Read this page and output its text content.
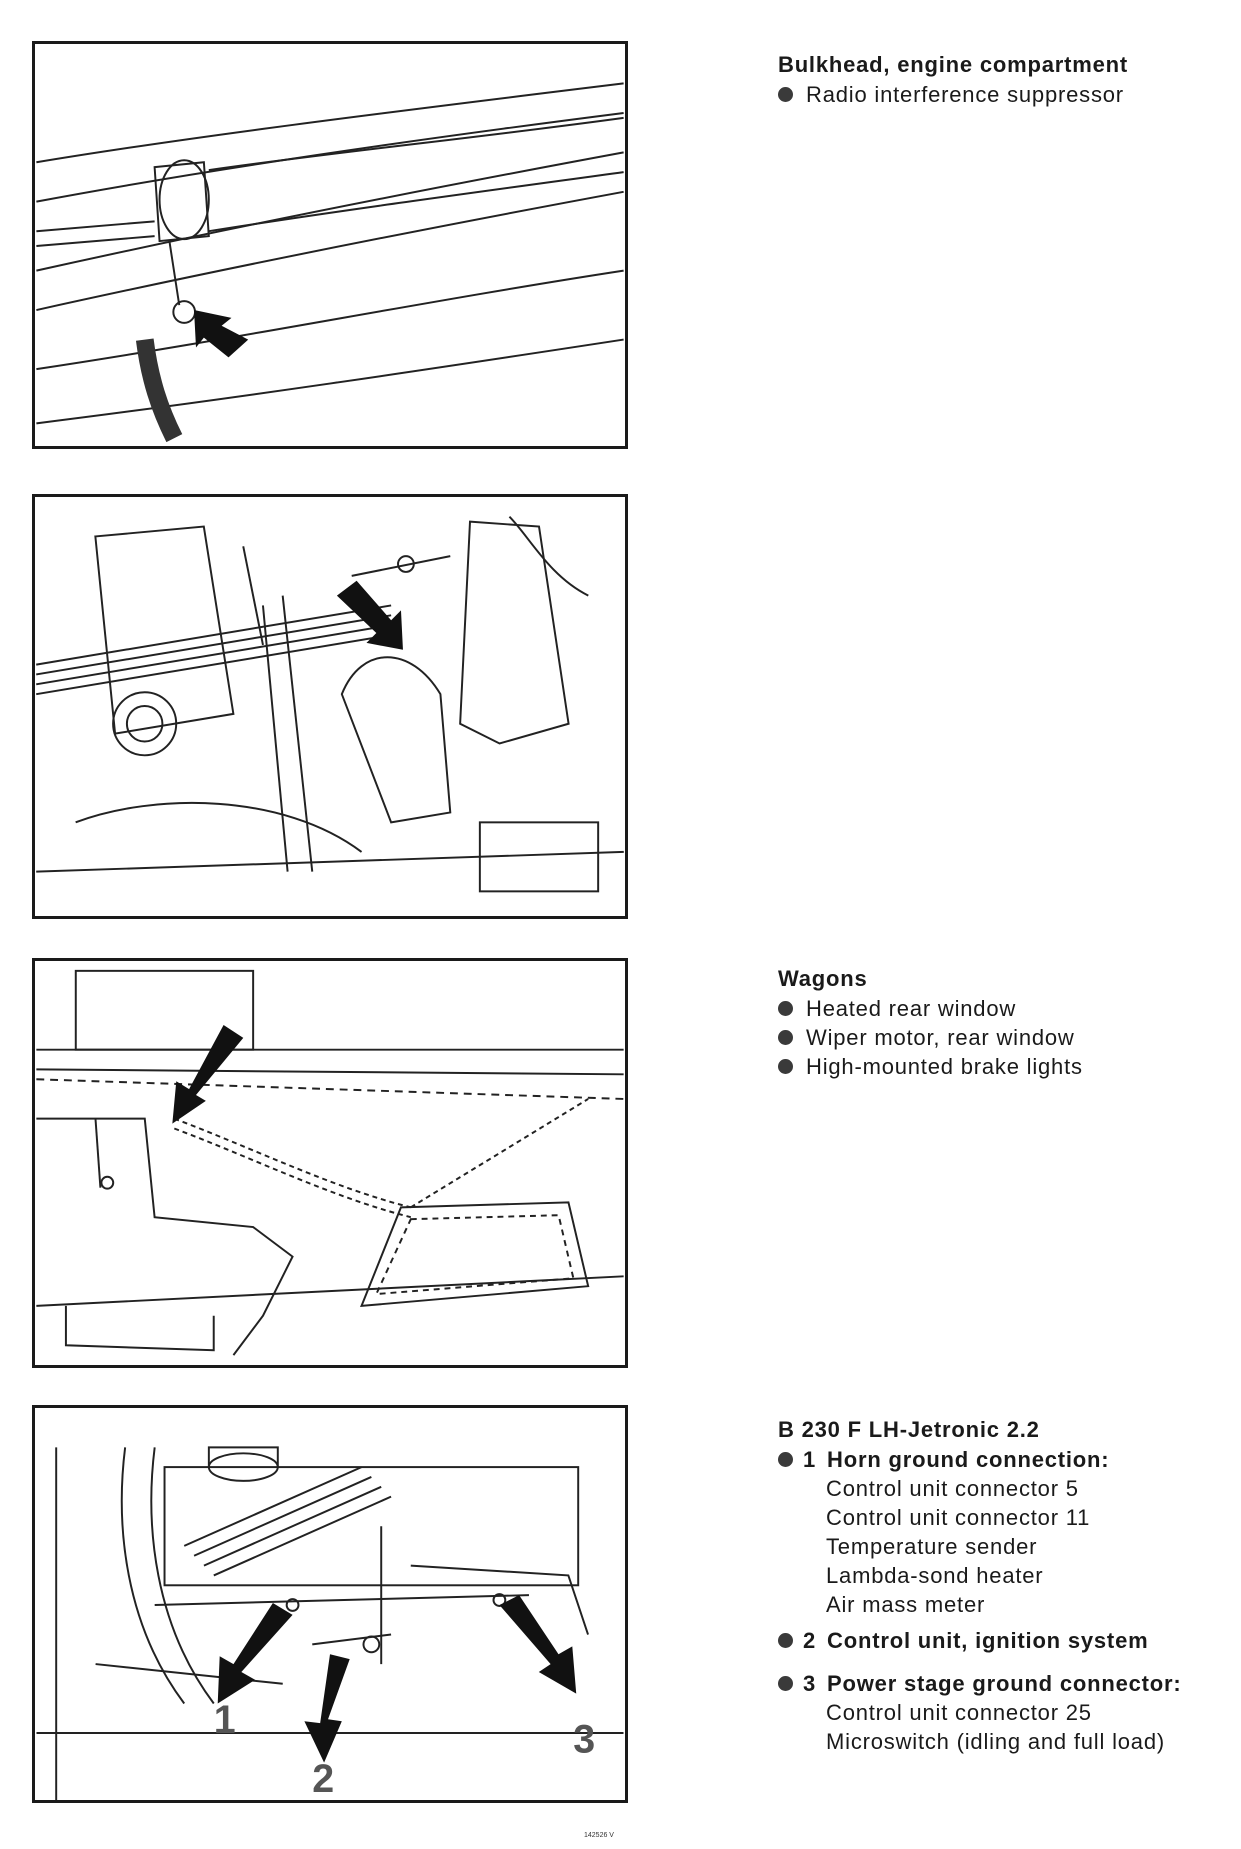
1
2
3
Bulkhead, engine compartment
Radio interference suppressor
Wagons
Heated rear window
Wiper motor, rear window
High-mounted brake lights
B 230 F LH-Jetronic 2.2
1 Horn ground connection:
Control unit connector 5
Control unit connector 11
Temperature sender
Lambda-sond heater
Air mass meter
2 Control unit, ignition system
3 Power stage ground connector:
Control unit connector 25
Microswitch (idling and full load)
142526 V
